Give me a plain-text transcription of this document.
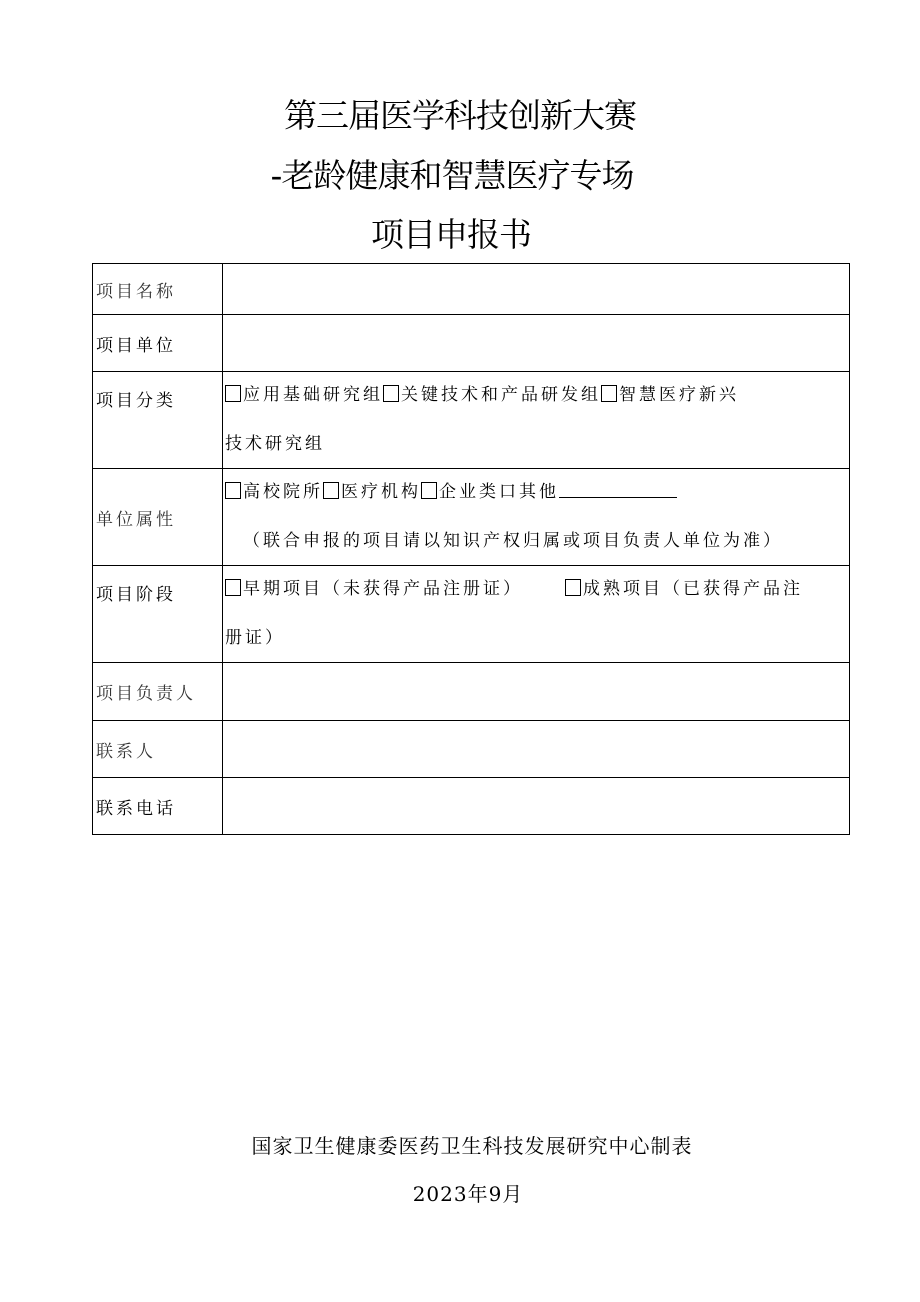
第三届医学科技创新大赛
-老龄健康和智慧医疗专场
项目申报书
项目名称	
项目单位	
项目分类	应用基础研究组 关键技术和产品研发组 智慧医疗新兴
技术研究组

单位属性	高校院所 医疗机构 企业类口其他
（联合申报的项目请以知识产权归属或项目负责人单位为准）

项目阶段	早期项目（未获得产品注册证） 成熟项目（已获得产品注
册证）

项目负责人	
联系人	
联系电话	

国家卫生健康委医药卫生科技发展研究中心制表

2023年9月
